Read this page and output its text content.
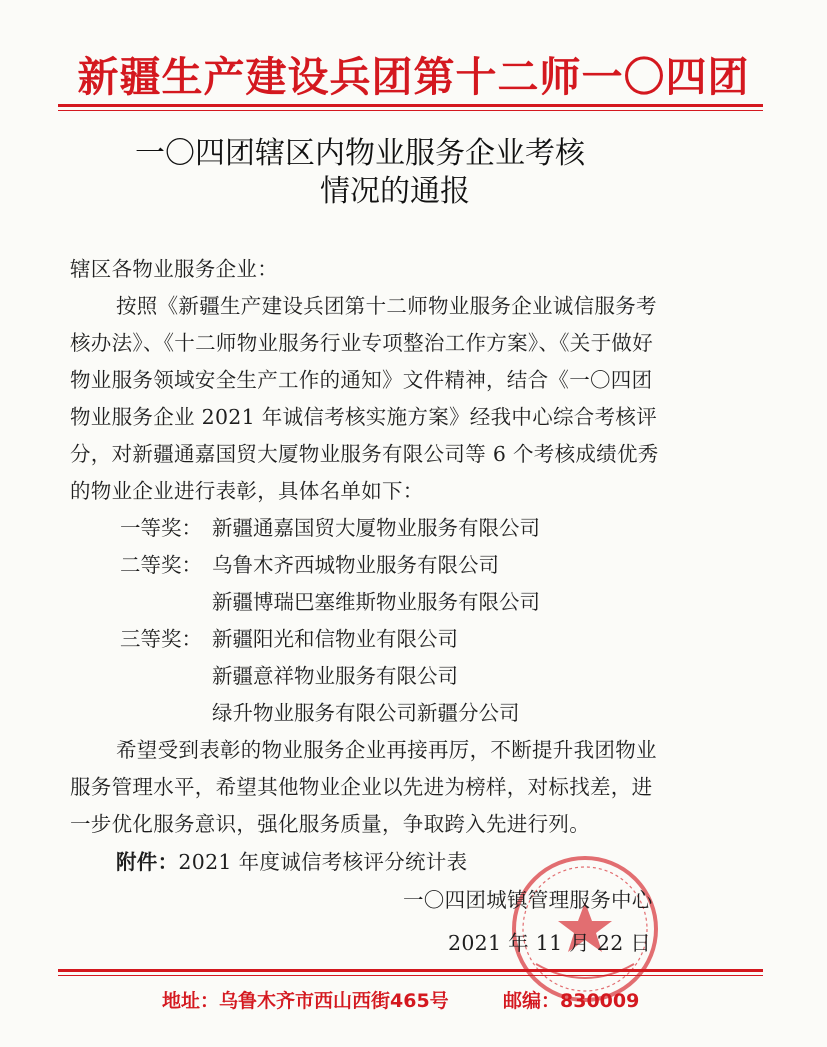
新疆生产建设兵团第十二师一〇四团
一〇四团辖区内物业服务企业考核
情况的通报
辖区各物业服务企业：
按照《新疆生产建设兵团第十二师物业服务企业诚信服务考
核办法》、《十二师物业服务行业专项整治工作方案》、《关于做好
物业服务领域安全生产工作的通知》文件精神，结合《一〇四团
物业服务企业 2021 年诚信考核实施方案》经我中心综合考核评
分，对新疆通嘉国贸大厦物业服务有限公司等 6 个考核成绩优秀
的物业企业进行表彰，具体名单如下：
一等奖： 新疆通嘉国贸大厦物业服务有限公司
二等奖： 乌鲁木齐西城物业服务有限公司
新疆博瑞巴塞维斯物业服务有限公司
三等奖： 新疆阳光和信物业有限公司
新疆意祥物业服务有限公司
绿升物业服务有限公司新疆分公司
希望受到表彰的物业服务企业再接再厉，不断提升我团物业
服务管理水平，希望其他物业企业以先进为榜样，对标找差，进
一步优化服务意识，强化服务质量，争取跨入先进行列。
附件：2021 年度诚信考核评分统计表
一〇四团城镇管理服务中心
2021 年 11 月 22 日
地址：乌鲁木齐市西山西街465号	邮编：830009
